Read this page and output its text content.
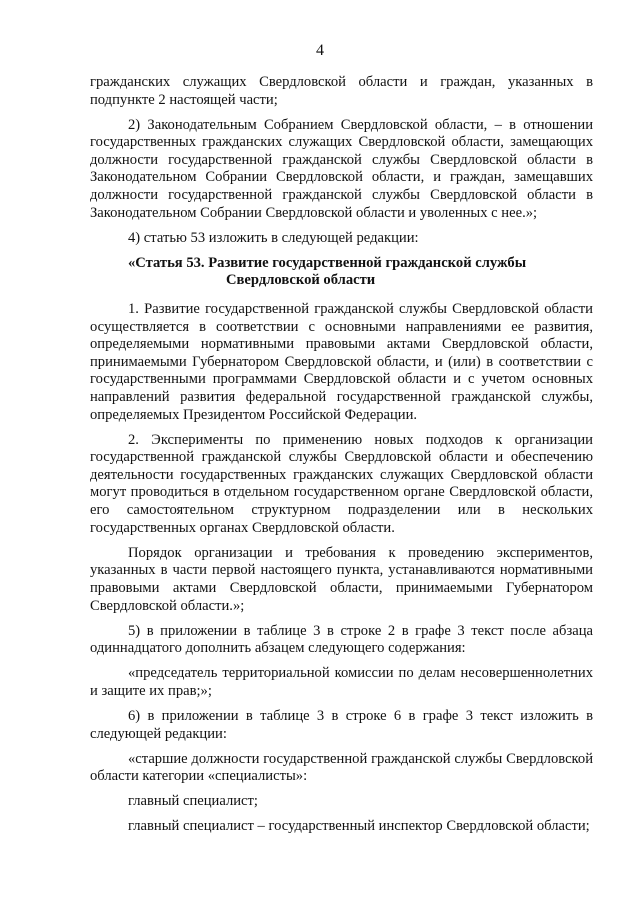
4

гражданских служащих Свердловской области и граждан, указанных в подпункте 2 настоящей части;

2) Законодательным Собранием Свердловской области, – в отношении государственных гражданских служащих Свердловской области, замещающих должности государственной гражданской службы Свердловской области в Законодательном Собрании Свердловской области, и граждан, замещавших должности государственной гражданской службы Свердловской области в Законодательном Собрании Свердловской области и уволенных с нее.»;

4) статью 53 изложить в следующей редакции:

«Статья 53. Развитие государственной гражданской службы
Свердловской области

1. Развитие государственной гражданской службы Свердловской области осуществляется в соответствии с основными направлениями ее развития, определяемыми нормативными правовыми актами Свердловской области, принимаемыми Губернатором Свердловской области, и (или) в соответствии с государственными программами Свердловской области и с учетом основных направлений развития федеральной государственной гражданской службы, определяемых Президентом Российской Федерации.

2. Эксперименты по применению новых подходов к организации государственной гражданской службы Свердловской области и обеспечению деятельности государственных гражданских служащих Свердловской области могут проводиться в отдельном государственном органе Свердловской области, его самостоятельном структурном подразделении или в нескольких государственных органах Свердловской области.

Порядок организации и требования к проведению экспериментов, указанных в части первой настоящего пункта, устанавливаются нормативными правовыми актами Свердловской области, принимаемыми Губернатором Свердловской области.»;

5) в приложении в таблице 3 в строке 2 в графе 3 текст после абзаца одиннадцатого дополнить абзацем следующего содержания:

«председатель территориальной комиссии по делам несовершеннолетних и защите их прав;»;

6) в приложении в таблице 3 в строке 6 в графе 3 текст изложить в следующей редакции:

«старшие должности государственной гражданской службы Свердловской области категории «специалисты»:

главный специалист;

главный специалист – государственный инспектор Свердловской области;
